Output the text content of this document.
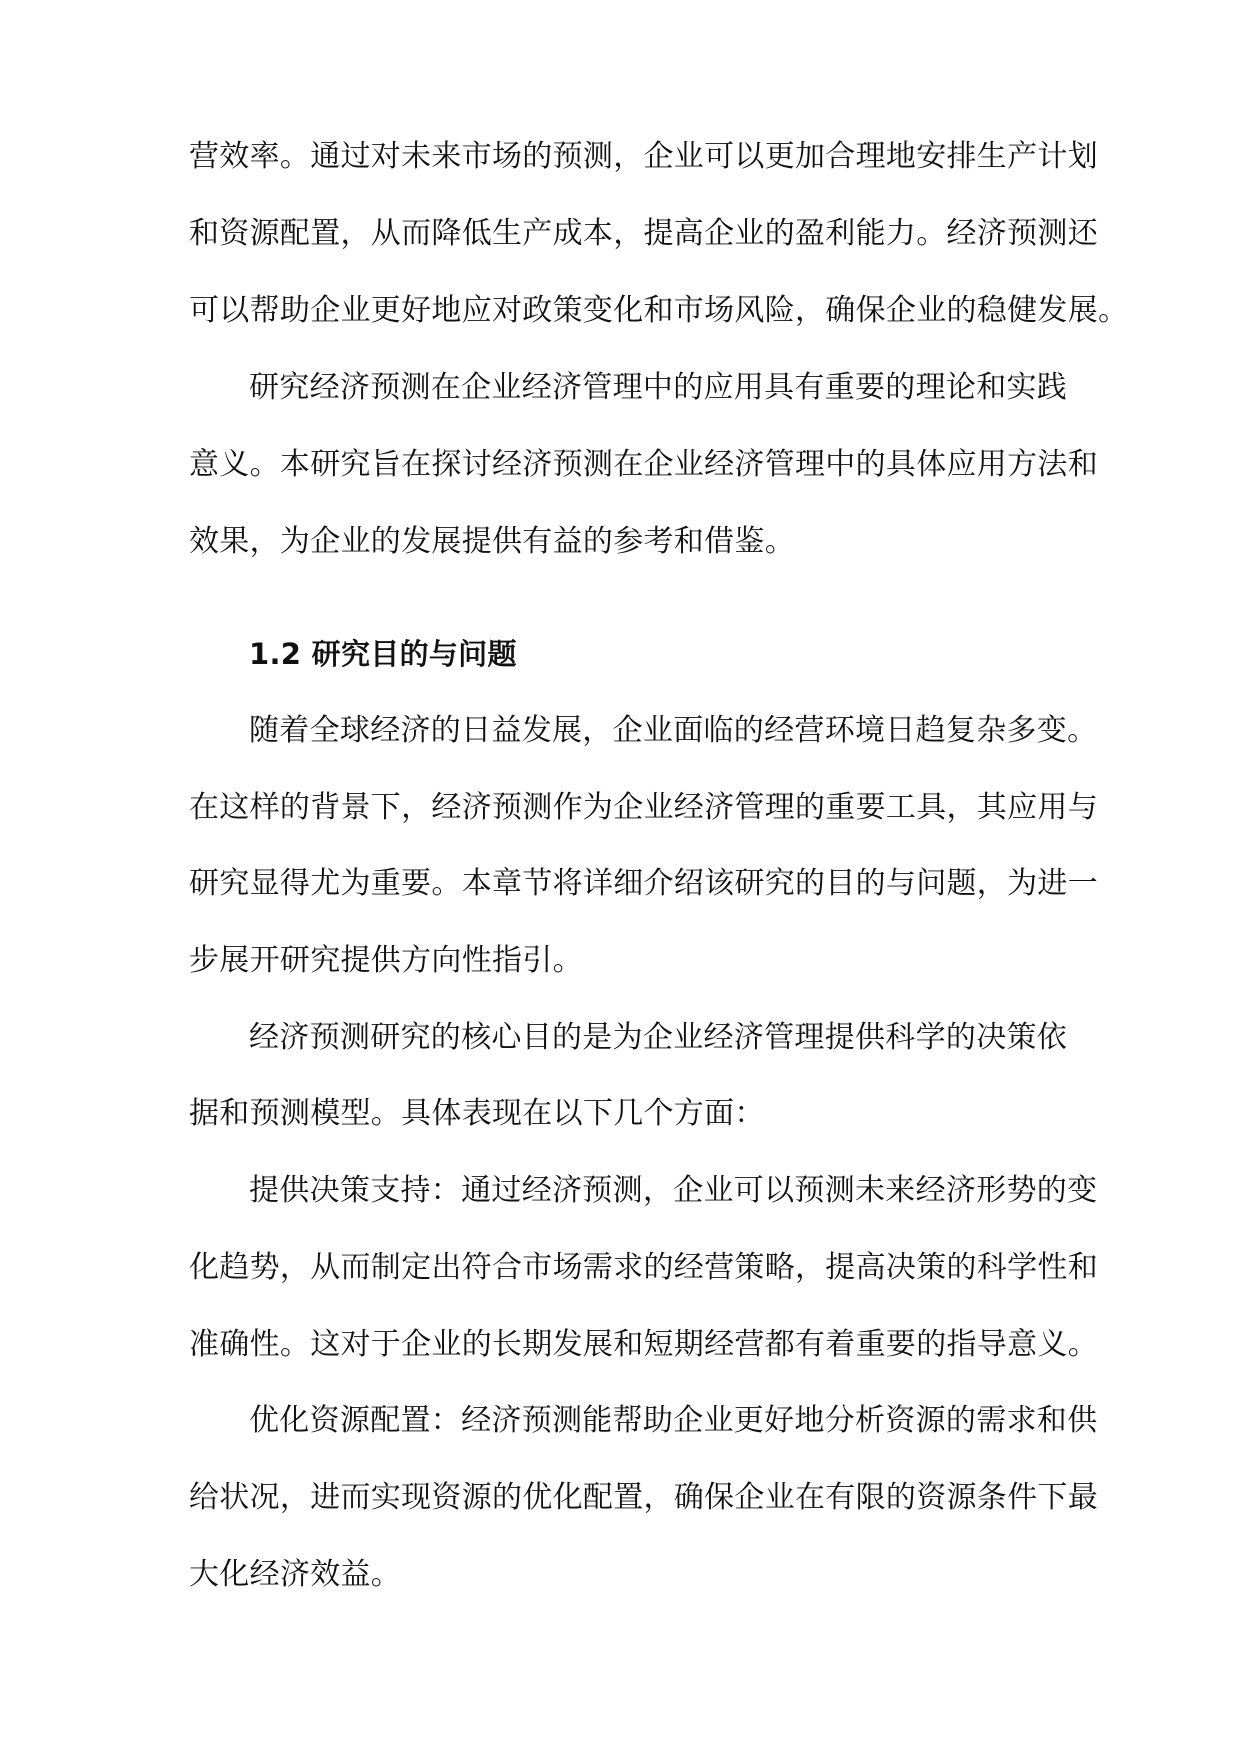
营效率。通过对未来市场的预测，企业可以更加合理地安排生产计划
和资源配置，从而降低生产成本，提高企业的盈利能力。经济预测还
可以帮助企业更好地应对政策变化和市场风险，确保企业的稳健发展。
研究经济预测在企业经济管理中的应用具有重要的理论和实践
意义。本研究旨在探讨经济预测在企业经济管理中的具体应用方法和
效果，为企业的发展提供有益的参考和借鉴。
1.2 研究目的与问题
随着全球经济的日益发展，企业面临的经营环境日趋复杂多变。
在这样的背景下，经济预测作为企业经济管理的重要工具，其应用与
研究显得尤为重要。本章节将详细介绍该研究的目的与问题，为进一
步展开研究提供方向性指引。
经济预测研究的核心目的是为企业经济管理提供科学的决策依
据和预测模型。具体表现在以下几个方面：
提供决策支持：通过经济预测，企业可以预测未来经济形势的变
化趋势，从而制定出符合市场需求的经营策略，提高决策的科学性和
准确性。这对于企业的长期发展和短期经营都有着重要的指导意义。
优化资源配置：经济预测能帮助企业更好地分析资源的需求和供
给状况，进而实现资源的优化配置，确保企业在有限的资源条件下最
大化经济效益。
